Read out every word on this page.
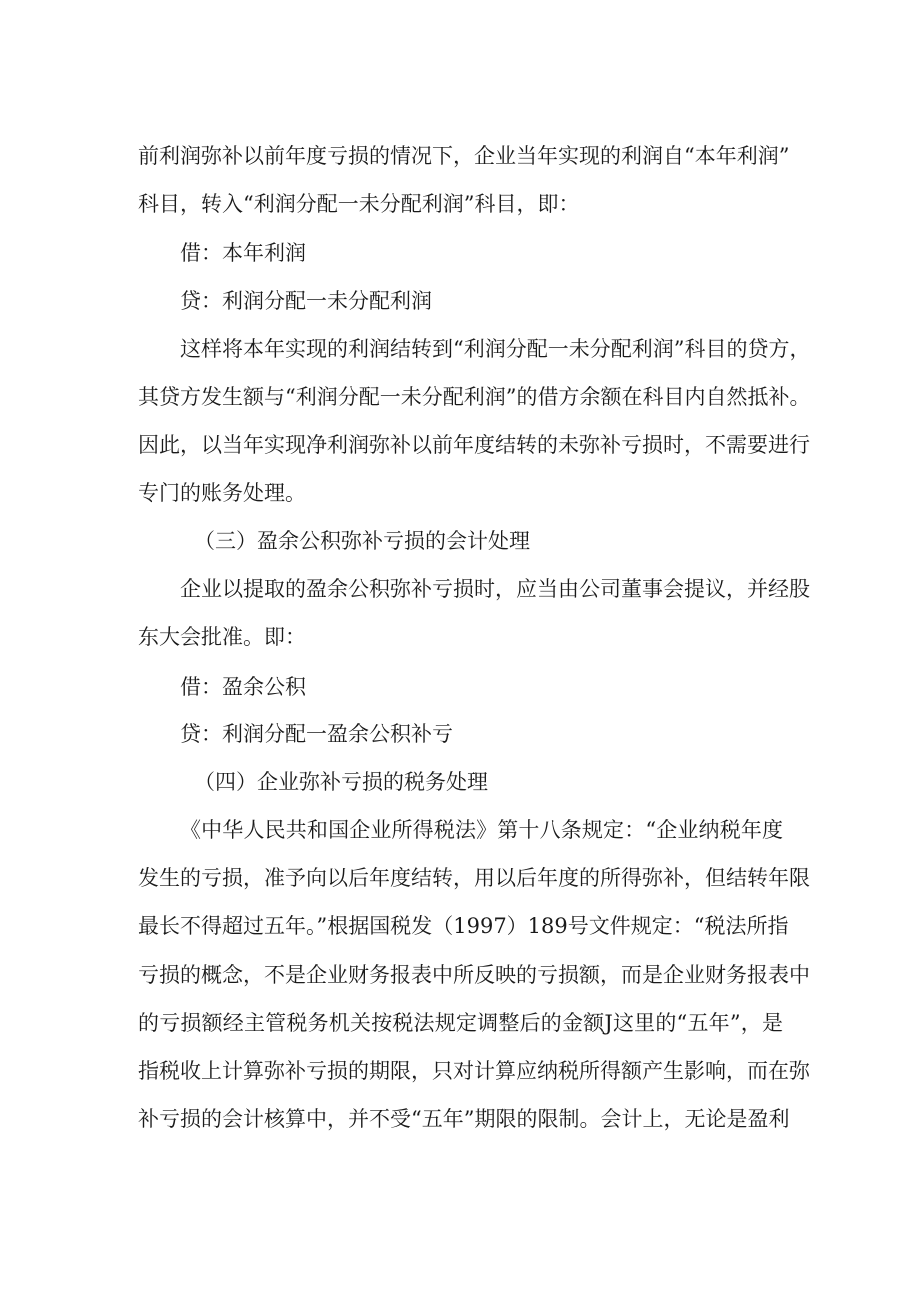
前利润弥补以前年度亏损的情况下，企业当年实现的利润自“本年利润”
科目，转入“利润分配一未分配利润”科目，即：
借：本年利润
贷：利润分配一未分配利润
这样将本年实现的利润结转到“利润分配一未分配利润”科目的贷方，
其贷方发生额与“利润分配一未分配利润”的借方余额在科目内自然抵补。
因此，以当年实现净利润弥补以前年度结转的未弥补亏损时，不需要进行
专门的账务处理。
（三）盈余公积弥补亏损的会计处理
企业以提取的盈余公积弥补亏损时，应当由公司董事会提议，并经股
东大会批准。即：
借：盈余公积
贷：利润分配一盈余公积补亏
（四）企业弥补亏损的税务处理
《中华人民共和国企业所得税法》第十八条规定：“企业纳税年度
发生的亏损，准予向以后年度结转，用以后年度的所得弥补，但结转年限
最长不得超过五年。”根据国税发（1997）189号文件规定：“税法所指
亏损的概念，不是企业财务报表中所反映的亏损额，而是企业财务报表中
的亏损额经主管税务机关按税法规定调整后的金额J这里的“五年”，是
指税收上计算弥补亏损的期限，只对计算应纳税所得额产生影响，而在弥
补亏损的会计核算中，并不受“五年”期限的限制。会计上，无论是盈利
